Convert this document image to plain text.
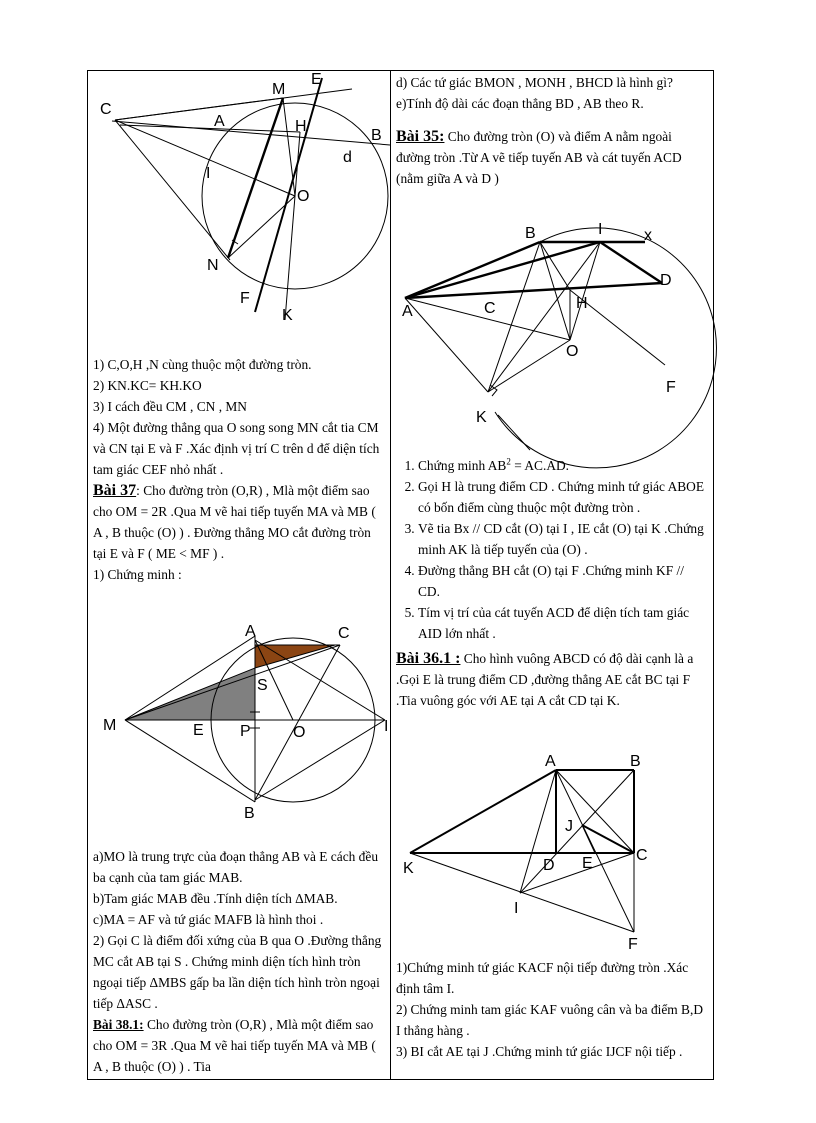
C
M
E
A	H
B
d
I
O
N
F
K

1) C,O,H ,N cùng thuộc một đường tròn.

2) KN.KC= KH.KO

3) I cách đều CM , CN , MN

4) Một đường thẳng qua O song song MN cắt tia CM và CN tại E và F .Xác định vị trí C trên d để diện tích tam giác CEF nhỏ nhất .

Bài 37: Cho đường tròn (O,R) , Mlà một điểm sao cho OM = 2R .Qua M vẽ hai tiếp tuyến MA và MB ( A , B thuộc (O) ) . Đường thẳng MO cắt đường tròn tại E và F ( ME < MF ) .

1) Chứng minh :

A	C
S
M	E P	O	I
B

a)MO là trung trực của đoạn thẳng AB và E cách đều ba cạnh của tam giác MAB.

b)Tam giác MAB đều .Tính diện tích ΔMAB.

c)MA = AF và tứ giác MAFB là hình thoi .

2) Gọi C là điểm đối xứng của B qua O .Đường thẳng MC cắt AB tại S . Chứng minh diện tích hình tròn ngoại tiếp ΔMBS gấp ba lần diện tích hình tròn ngoại tiếp ΔASC .

Bài 38.1: Cho đường tròn (O,R) , Mlà một điểm sao cho OM = 3R .Qua M vẽ hai tiếp tuyến MA và MB ( A , B thuộc (O) ) . Tia

d) Các tứ giác BMON , MONH , BHCD là hình gì?

e)Tính độ dài các đoạn thẳng BD , AB theo R.

Bài 35: Cho đường tròn (O) và điểm A nằm ngoài đường tròn .Từ A vẽ tiếp tuyến AB và cát tuyến ACD (nằm giữa A và D )

B	I	x
D
A	C	H
O
F
K
1. Chứng minh $AB^2 = AC.AD$.
2. Gọi H là trung điểm CD . Chứng minh tứ giác ABOE có bốn điểm cùng thuộc một đường tròn .
3. Vẽ tia Bx // CD cắt (O) tại I , IE cắt (O) tại K .Chứng minh AK là tiếp tuyến của (O) .
4. Đường thẳng BH cắt (O) tại F .Chứng minh KF // CD.
5. Tím vị trí của cát tuyến ACD để diện tích tam giác AID lớn nhất .

Bài 36.1 : Cho hình vuông ABCD có độ dài cạnh là a .Gọi E là trung điểm CD ,đường thẳng AE cắt BC tại F .Tia vuông góc với AE tại A cắt CD tại K.

A	B
J
C
K	D E
I
F

1)Chứng minh tứ giác KACF nội tiếp đường tròn .Xác định tâm I.

2) Chứng minh tam giác KAF vuông cân và ba điểm B,D I thẳng hàng .

3) BI cắt AE tại J .Chứng minh tứ giác IJCF nội tiếp .
